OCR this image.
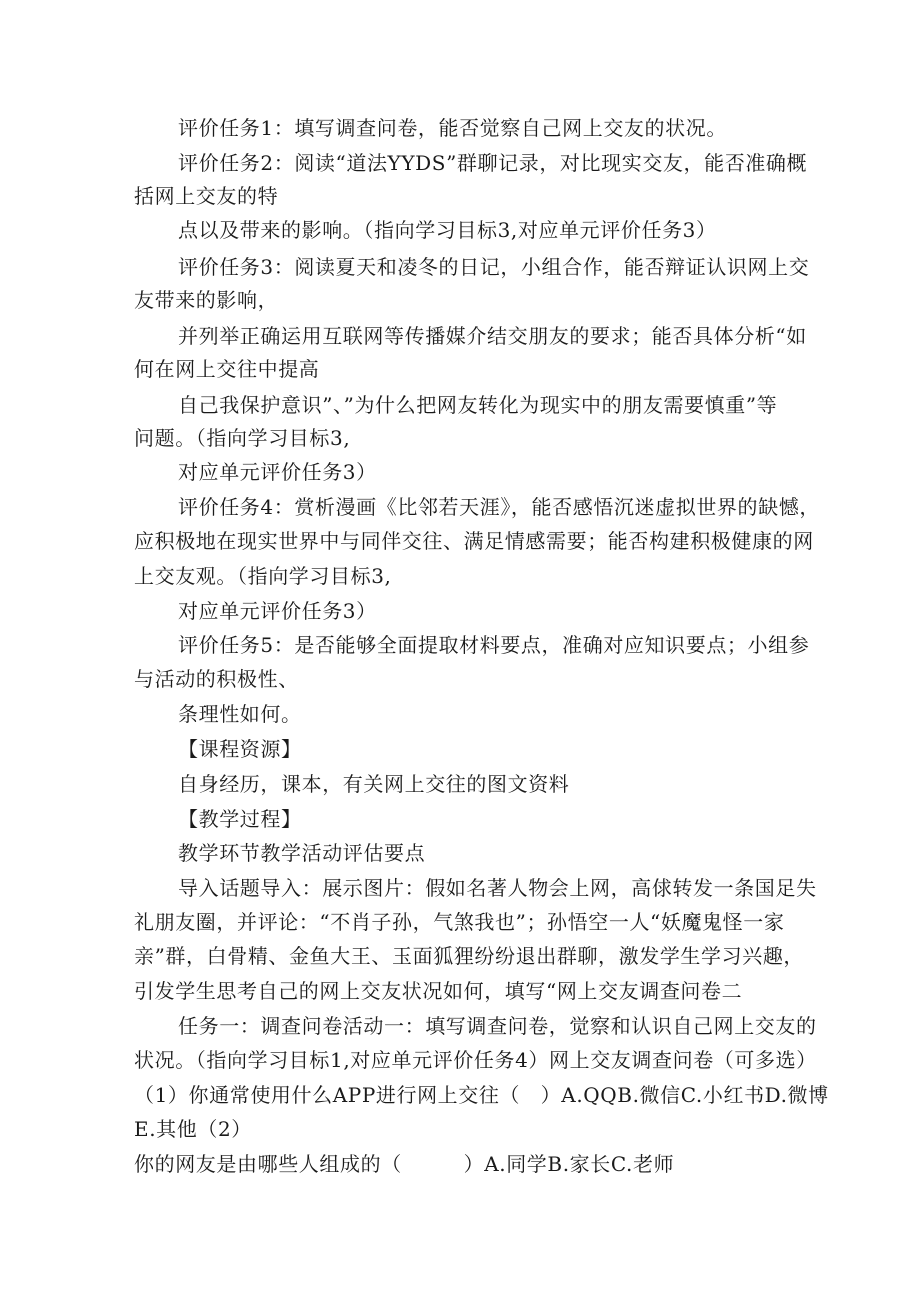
评价任务1：填写调查问卷，能否觉察自己网上交友的状况。
评价任务2：阅读“道法YYDS”群聊记录，对比现实交友，能否准确概
括网上交友的特
点以及带来的影响。（指向学习目标3,对应单元评价任务3）
评价任务3：阅读夏天和凌冬的日记，小组合作，能否辩证认识网上交
友带来的影响，
并列举正确运用互联网等传播媒介结交朋友的要求；能否具体分析“如
何在网上交往中提高
自己我保护意识”、”为什么把网友转化为现实中的朋友需要慎重”等
问题。（指向学习目标3,
对应单元评价任务3）
评价任务4：赏析漫画《比邻若天涯》，能否感悟沉迷虚拟世界的缺憾，
应积极地在现实世界中与同伴交往、满足情感需要；能否构建积极健康的网
上交友观。（指向学习目标3,
对应单元评价任务3）
评价任务5：是否能够全面提取材料要点，准确对应知识要点；小组参
与活动的积极性、
条理性如何。
【课程资源】
自身经历，课本，有关网上交往的图文资料
【教学过程】
教学环节教学活动评估要点
导入话题导入：展示图片：假如名著人物会上网，高俅转发一条国足失
礼朋友圈，并评论：“不肖子孙，气煞我也”；孙悟空一人“妖魔鬼怪一家
亲”群，白骨精、金鱼大王、玉面狐狸纷纷退出群聊，激发学生学习兴趣，
引发学生思考自己的网上交友状况如何，填写“网上交友调查问卷二
任务一：调查问卷活动一：填写调查问卷，觉察和认识自己网上交友的
状况。（指向学习目标1,对应单元评价任务4）网上交友调查问卷（可多选）
（1）你通常使用什么APP进行网上交往（　）A.QQB.微信C.小红书D.微博
E.其他（2）
你的网友是由哪些人组成的（　　　）A.同学B.家长C.老师
